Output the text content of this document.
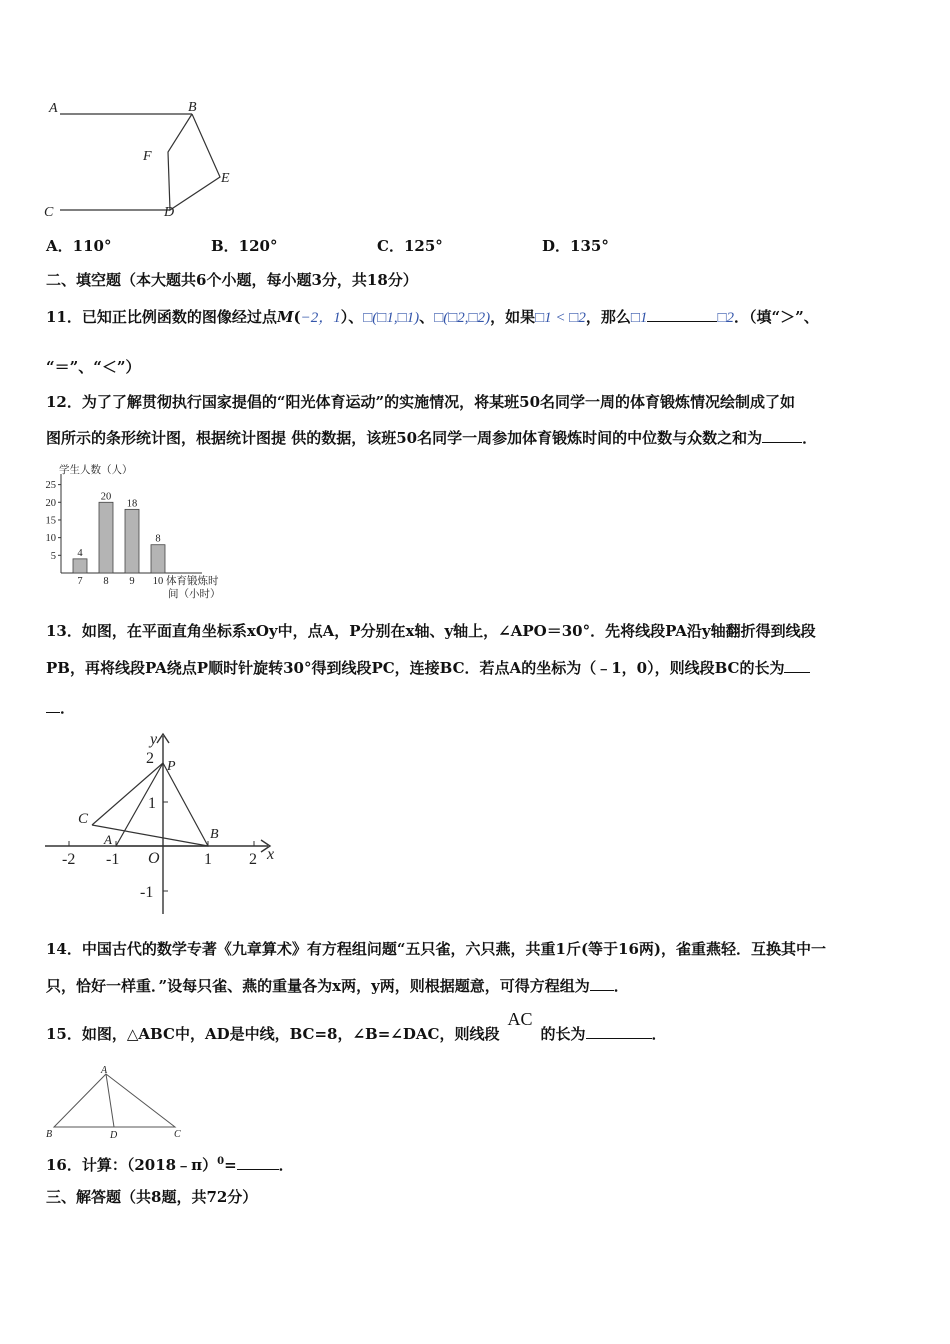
A	B
C	D
E
F
A．110°	B．120°	C．125°	D．135°
二、填空题（本大题共6个小题，每小题3分，共18分）
11．已知正比例函数的图像经过点M(−2，1）、□(□1,□1)、□(□2,□2)，如果□1 < □2，那么□1	□2．（填“＞”、
“＝”、“＜”）
12．为了了解贯彻执行国家提倡的“阳光体育运动”的实施情况，将某班50名同学一周的体育锻炼情况绘制成了如
图所示的条形统计图，根据统计图提 供的数据，该班50名同学一周参加体育锻炼时间的中位数与众数之和为	．
学生人数（人）
体育锻炼时
间（小时）
5
10
15
20
25
4
7
20
8
18
9
8
10
13．如图，在平面直角坐标系xOy中，点A，P分别在x轴、y轴上，∠APO＝30°．先将线段PA沿y轴翻折得到线段
PB，再将线段PA绕点P顺时针旋转30°得到线段PC，连接BC．若点A的坐标为（﹣1，0），则线段BC的长为
．
x
y
O
P
A	B
C
-2 -1	1 2
2
1
-1
14．中国古代的数学专著《九章算术》有方程组问题“五只雀，六只燕，共重1斤(等于16两)，雀重燕轻．互换其中一
只，恰好一样重．”设每只雀、燕的重量各为x两，y两，则根据题意，可得方程组为 ．
15．如图，△ABC中，AD是中线，BC=8，∠B=∠DAC，则线段AC的长为	．
A
B	D	C
16．计算：（2018﹣π）$^0$=	．
三、解答题（共8题，共72分）
